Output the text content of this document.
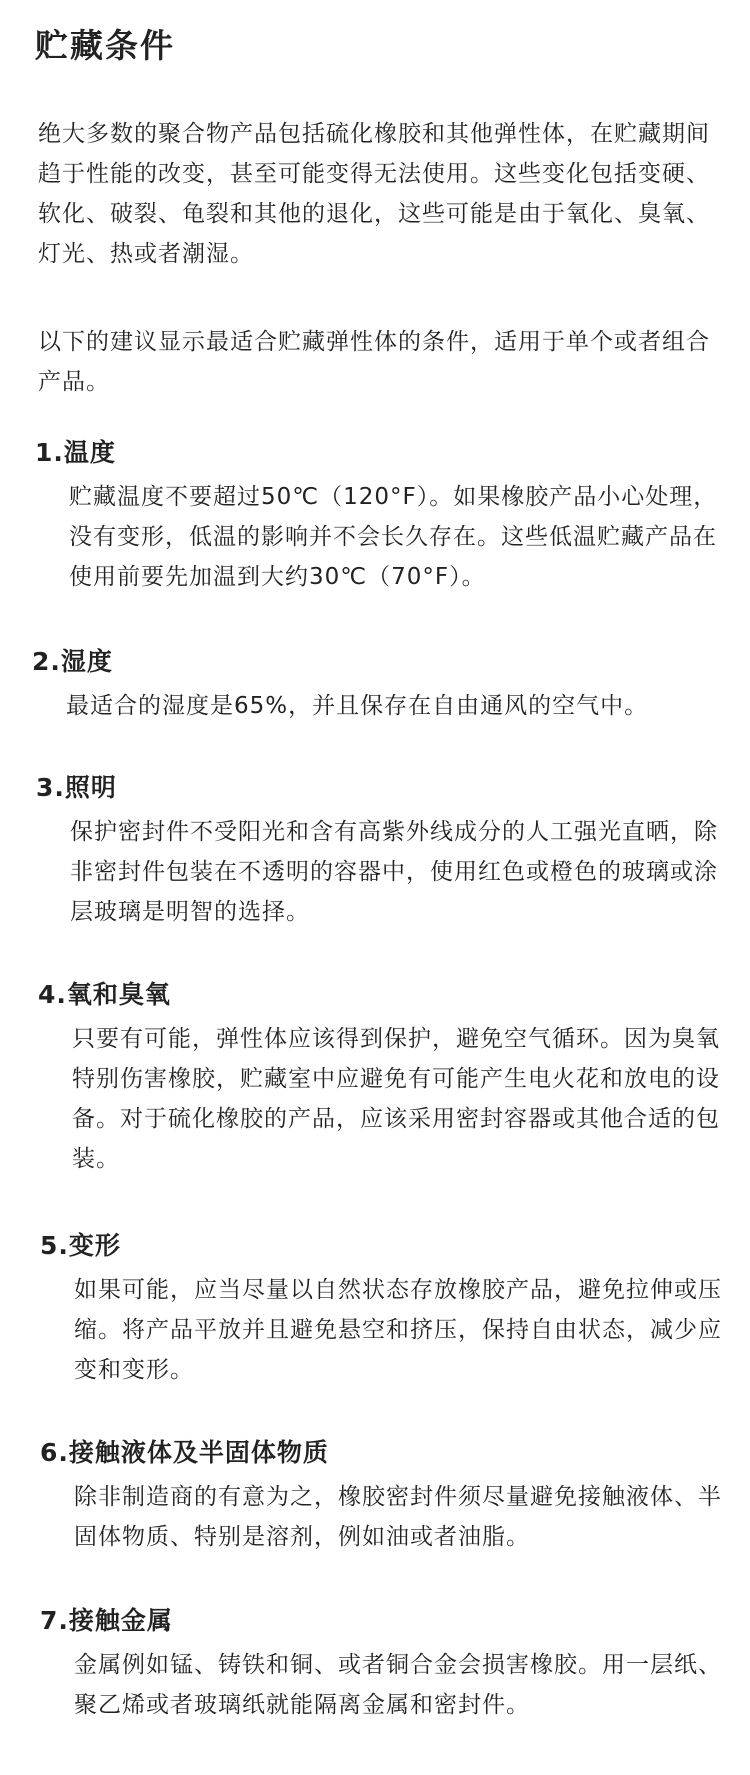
贮藏条件

绝大多数的聚合物产品包括硫化橡胶和其他弹性体，在贮藏期间趋于性能的改变，甚至可能变得无法使用。这些变化包括变硬、软化、破裂、龟裂和其他的退化，这些可能是由于氧化、臭氧、灯光、热或者潮湿。

以下的建议显示最适合贮藏弹性体的条件，适用于单个或者组合产品。

1.温度

贮藏温度不要超过50℃（120°F）。如果橡胶产品小心处理，没有变形，低温的影响并不会长久存在。这些低温贮藏产品在使用前要先加温到大约30℃（70°F）。

2.湿度

最适合的湿度是65%，并且保存在自由通风的空气中。

3.照明

保护密封件不受阳光和含有高紫外线成分的人工强光直晒，除非密封件包装在不透明的容器中，使用红色或橙色的玻璃或涂层玻璃是明智的选择。

4.氧和臭氧

只要有可能，弹性体应该得到保护，避免空气循环。因为臭氧特别伤害橡胶，贮藏室中应避免有可能产生电火花和放电的设备。对于硫化橡胶的产品，应该采用密封容器或其他合适的包装。

5.变形

如果可能，应当尽量以自然状态存放橡胶产品，避免拉伸或压缩。将产品平放并且避免悬空和挤压，保持自由状态，减少应变和变形。

6.接触液体及半固体物质

除非制造商的有意为之，橡胶密封件须尽量避免接触液体、半固体物质、特别是溶剂，例如油或者油脂。

7.接触金属

金属例如锰、铸铁和铜、或者铜合金会损害橡胶。用一层纸、聚乙烯或者玻璃纸就能隔离金属和密封件。
